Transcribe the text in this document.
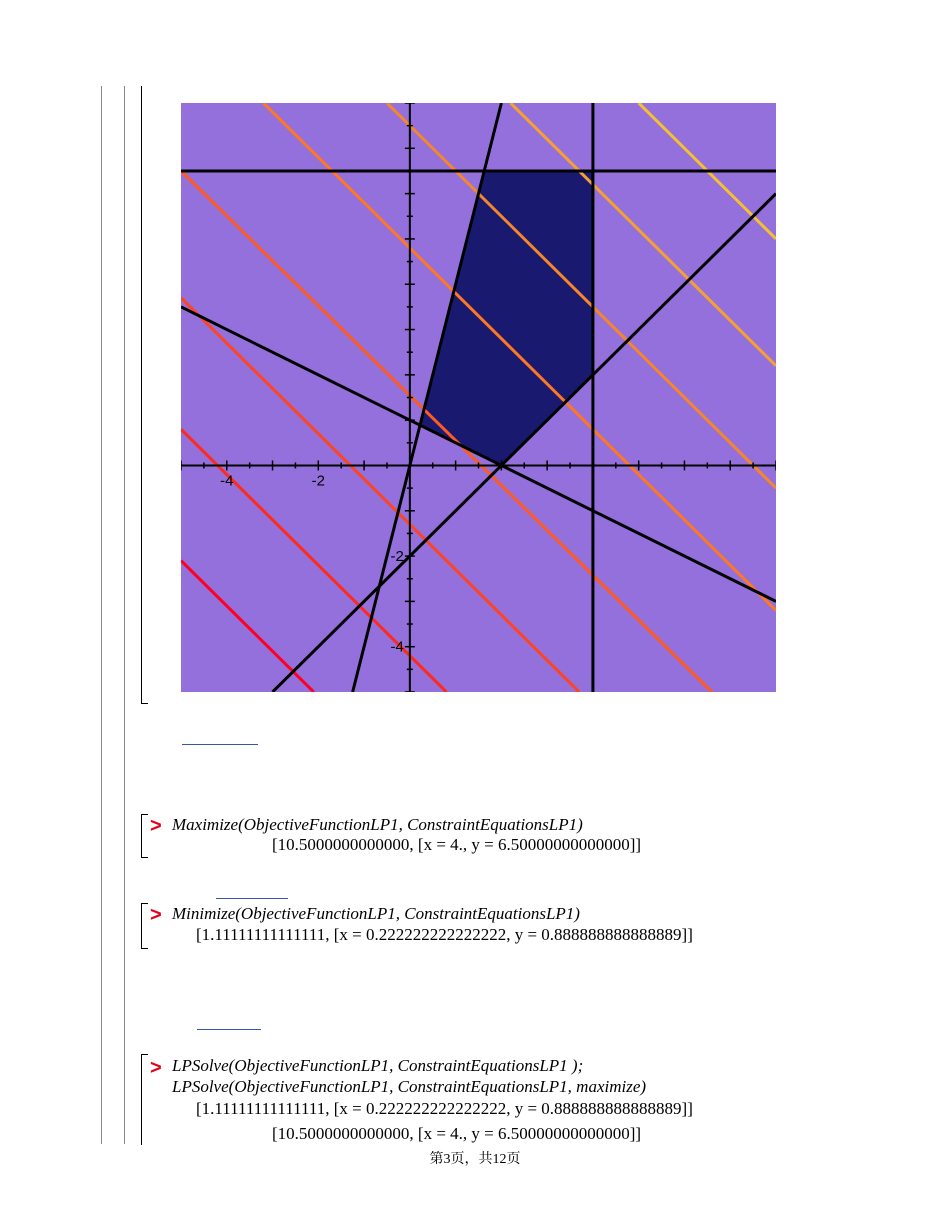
-4	-2
-2
-4
> Maximize(ObjectiveFunctionLP1, ConstraintEquationsLP1)
[10.5000000000000, [x = 4., y = 6.50000000000000]]
> Minimize(ObjectiveFunctionLP1, ConstraintEquationsLP1)
[1.11111111111111, [x = 0.222222222222222, y = 0.888888888888889]]
> LPSolve(ObjectiveFunctionLP1, ConstraintEquationsLP1 );
LPSolve(ObjectiveFunctionLP1, ConstraintEquationsLP1, maximize)
[1.11111111111111, [x = 0.222222222222222, y = 0.888888888888889]]
[10.5000000000000, [x = 4., y = 6.50000000000000]]
第3页，共12页
